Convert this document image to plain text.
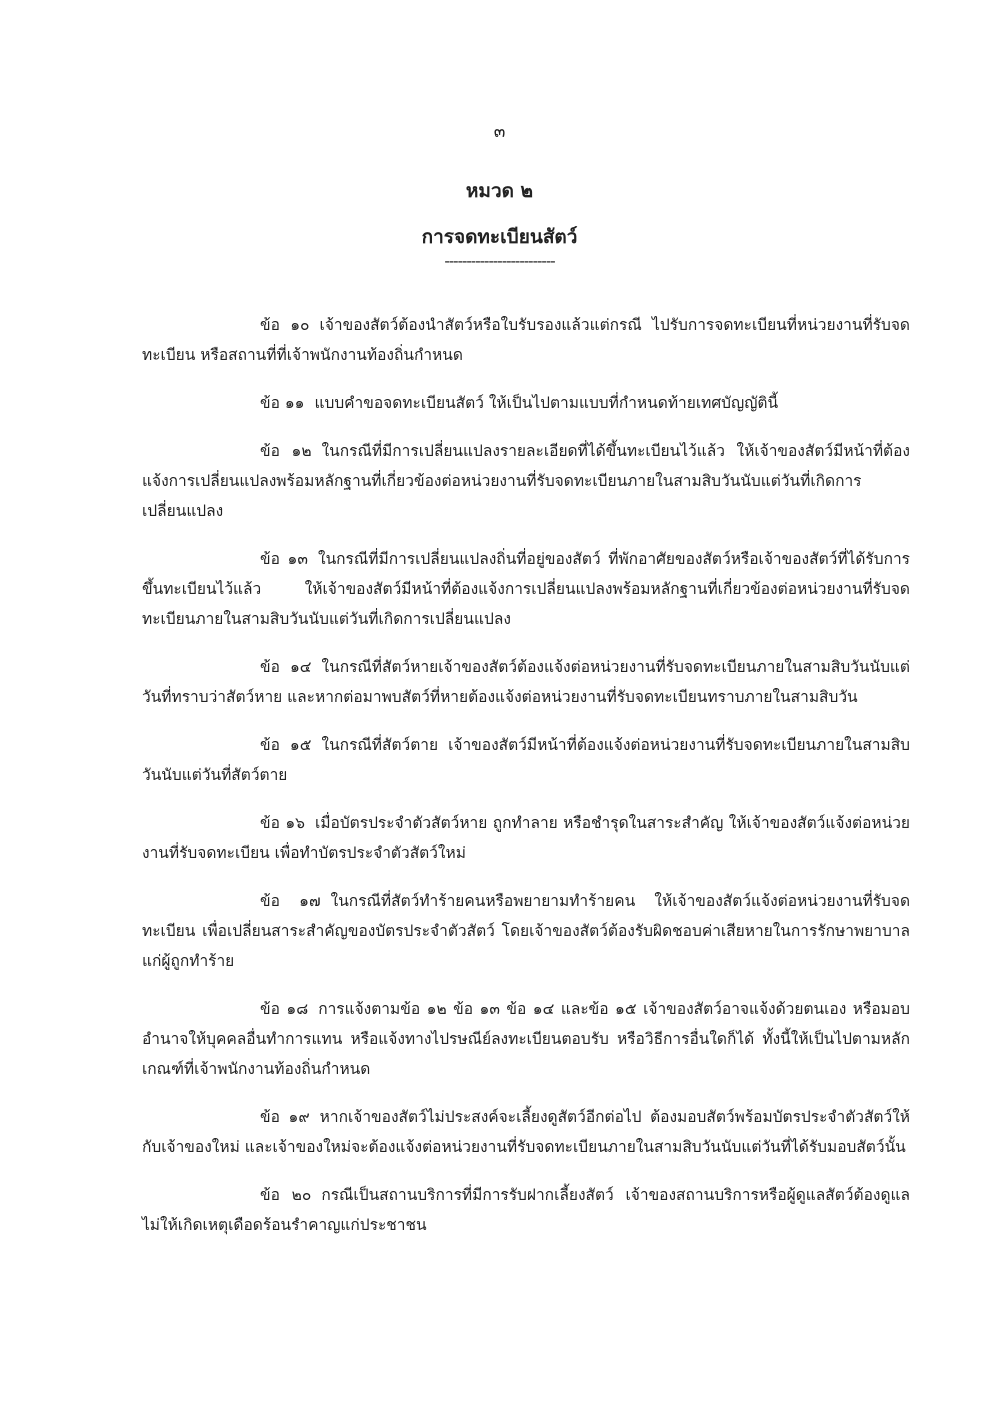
๓
หมวด ๒
การจดทะเบียนสัตว์
-------------------------

ข้อ ๑๐ เจ้าของสัตว์ต้องนำสัตว์หรือใบรับรองแล้วแต่กรณี ไปรับการจดทะเบียนที่หน่วยงานที่รับจดทะเบียน หรือสถานที่ที่เจ้าพนักงานท้องถิ่นกำหนด

ข้อ ๑๑ แบบคำขอจดทะเบียนสัตว์ ให้เป็นไปตามแบบที่กำหนดท้ายเทศบัญญัตินี้

ข้อ ๑๒ ในกรณีที่มีการเปลี่ยนแปลงรายละเอียดที่ได้ขึ้นทะเบียนไว้แล้ว ให้เจ้าของสัตว์มีหน้าที่ต้องแจ้งการเปลี่ยนแปลงพร้อมหลักฐานที่เกี่ยวข้องต่อหน่วยงานที่รับจดทะเบียนภายในสามสิบวันนับแต่วันที่เกิดการเปลี่ยนแปลง

ข้อ ๑๓ ในกรณีที่มีการเปลี่ยนแปลงถิ่นที่อยู่ของสัตว์ ที่พักอาศัยของสัตว์หรือเจ้าของสัตว์ที่ได้รับการขึ้นทะเบียนไว้แล้ว ให้เจ้าของสัตว์มีหน้าที่ต้องแจ้งการเปลี่ยนแปลงพร้อมหลักฐานที่เกี่ยวข้องต่อหน่วยงานที่รับจดทะเบียนภายในสามสิบวันนับแต่วันที่เกิดการเปลี่ยนแปลง

ข้อ ๑๔ ในกรณีที่สัตว์หายเจ้าของสัตว์ต้องแจ้งต่อหน่วยงานที่รับจดทะเบียนภายในสามสิบวันนับแต่วันที่ทราบว่าสัตว์หาย และหากต่อมาพบสัตว์ที่หายต้องแจ้งต่อหน่วยงานที่รับจดทะเบียนทราบภายในสามสิบวัน

ข้อ ๑๕ ในกรณีที่สัตว์ตาย เจ้าของสัตว์มีหน้าที่ต้องแจ้งต่อหน่วยงานที่รับจดทะเบียนภายในสามสิบวันนับแต่วันที่สัตว์ตาย

ข้อ ๑๖ เมื่อบัตรประจำตัวสัตว์หาย ถูกทำลาย หรือชำรุดในสาระสำคัญ ให้เจ้าของสัตว์แจ้งต่อหน่วยงานที่รับจดทะเบียน เพื่อทำบัตรประจำตัวสัตว์ใหม่

ข้อ ๑๗ ในกรณีที่สัตว์ทำร้ายคนหรือพยายามทำร้ายคน ให้เจ้าของสัตว์แจ้งต่อหน่วยงานที่รับจดทะเบียน เพื่อเปลี่ยนสาระสำคัญของบัตรประจำตัวสัตว์ โดยเจ้าของสัตว์ต้องรับผิดชอบค่าเสียหายในการรักษาพยาบาลแก่ผู้ถูกทำร้าย

ข้อ ๑๘ การแจ้งตามข้อ ๑๒ ข้อ ๑๓ ข้อ ๑๔ และข้อ ๑๕ เจ้าของสัตว์อาจแจ้งด้วยตนเอง หรือมอบอำนาจให้บุคคลอื่นทำการแทน หรือแจ้งทางไปรษณีย์ลงทะเบียนตอบรับ หรือวิธีการอื่นใดก็ได้ ทั้งนี้ให้เป็นไปตามหลักเกณฑ์ที่เจ้าพนักงานท้องถิ่นกำหนด

ข้อ ๑๙ หากเจ้าของสัตว์ไม่ประสงค์จะเลี้ยงดูสัตว์อีกต่อไป ต้องมอบสัตว์พร้อมบัตรประจำตัวสัตว์ให้กับเจ้าของใหม่ และเจ้าของใหม่จะต้องแจ้งต่อหน่วยงานที่รับจดทะเบียนภายในสามสิบวันนับแต่วันที่ได้รับมอบสัตว์นั้น

ข้อ ๒๐ กรณีเป็นสถานบริการที่มีการรับฝากเลี้ยงสัตว์ เจ้าของสถานบริการหรือผู้ดูแลสัตว์ต้องดูแลไม่ให้เกิดเหตุเดือดร้อนรำคาญแก่ประชาชน
